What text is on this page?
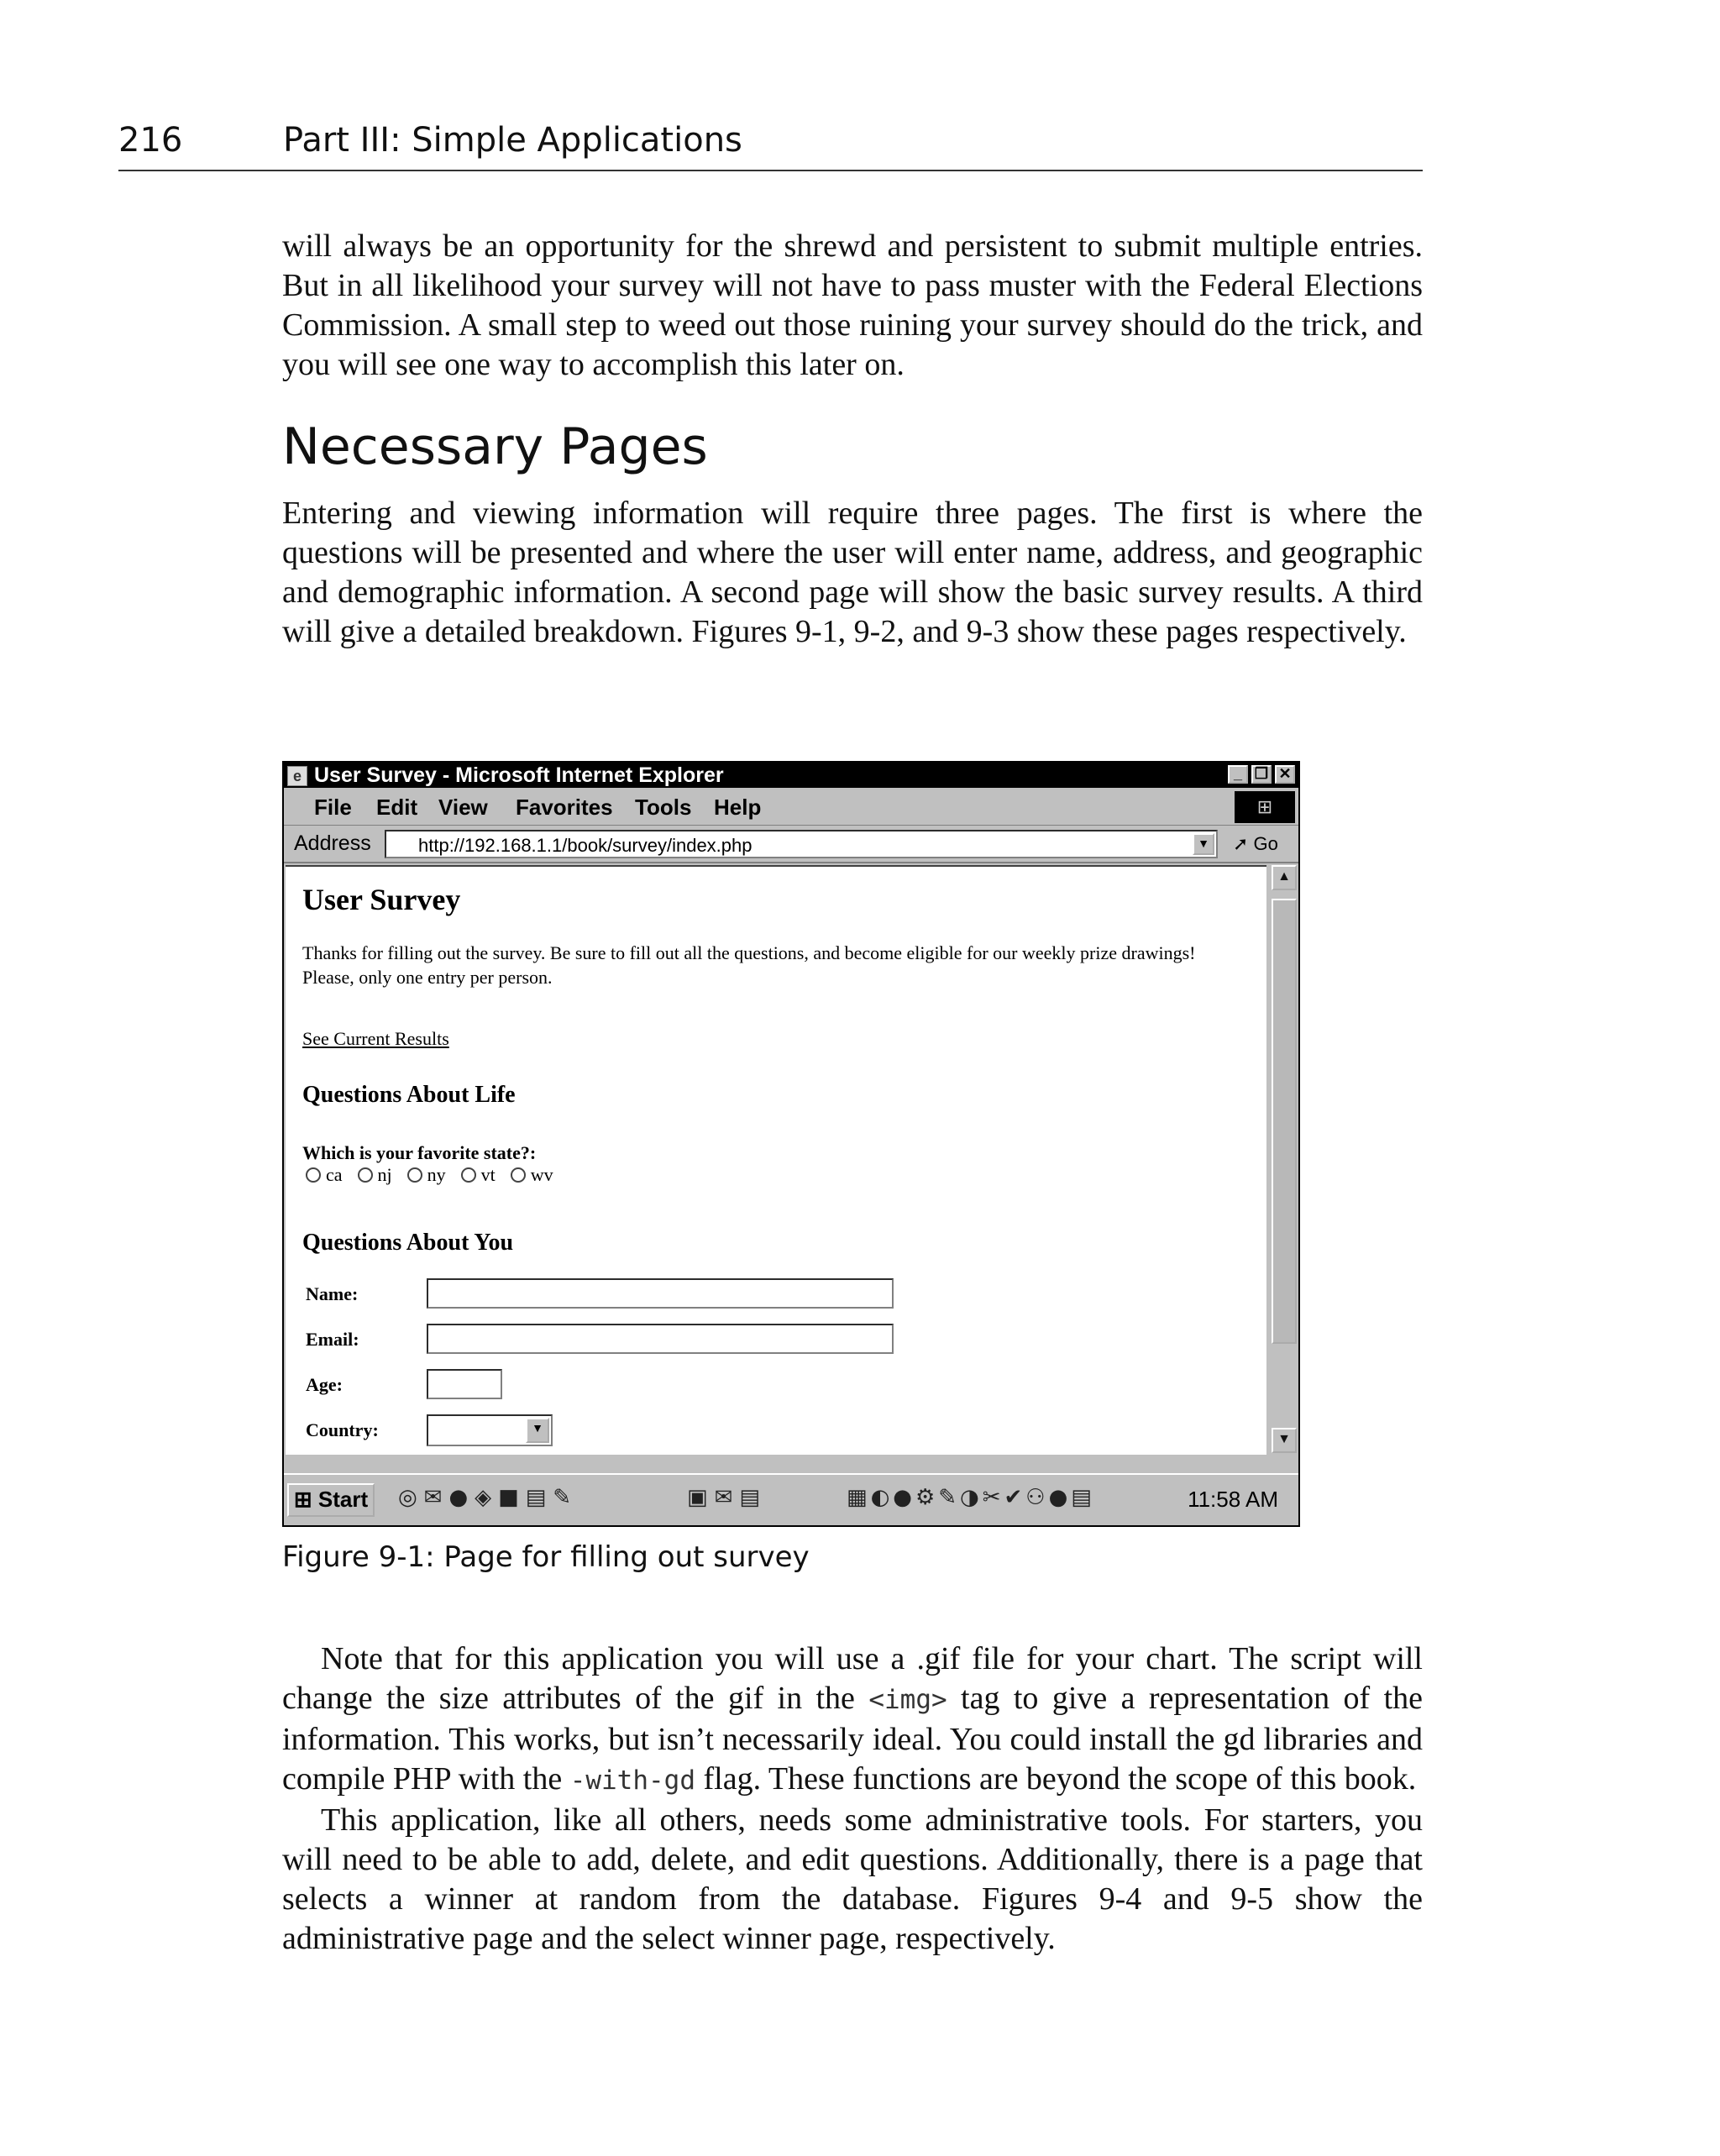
216	Part III: Simple Applications

will always be an opportunity for the shrewd and persistent to submit multiple entries. But in all likelihood your survey will not have to pass muster with the Federal Elections Commission. A small step to weed out those ruining your survey should do the trick, and you will see one way to accomplish this later on.

Necessary Pages

Entering and viewing information will require three pages. The first is where the questions will be presented and where the user will enter name, address, and geographic and demographic information. A second page will show the basic survey results. A third will give a detailed breakdown. Figures 9-1, 9-2, and 9-3 show these pages respectively.

e User Survey - Microsoft Internet Explorer	_ ❐ ✕
File Edit View Favorites Tools Help	⊞
Address	http://192.168.1.1/book/survey/index.php	▼ ➚ Go
User Survey
Thanks for filling out the survey. Be sure to fill out all the questions, and become eligible for our weekly prize drawings! Please, only one entry per person.
See Current Results
Questions About Life
Which is your favorite state?:
ca nj ny vt wv
Questions About You
Name:
Email:
Age:
Country:	▼
▲
▼
⊞ Start	◎✉●◈■▤✎	▣✉▤	▦◐●⚙✎◑✂✔⚇●▤	11:58 AM

Figure 9-1: Page for filling out survey

Note that for this application you will use a .gif file for your chart. The script will change the size attributes of the gif in the <img> tag to give a representation of the information. This works, but isn’t necessarily ideal. You could install the gd libraries and compile PHP with the -with-gd flag. These functions are beyond the scope of this book.

This application, like all others, needs some administrative tools. For starters, you will need to be able to add, delete, and edit questions. Additionally, there is a page that selects a winner at random from the database. Figures 9-4 and 9-5 show the administrative page and the select winner page, respectively.
